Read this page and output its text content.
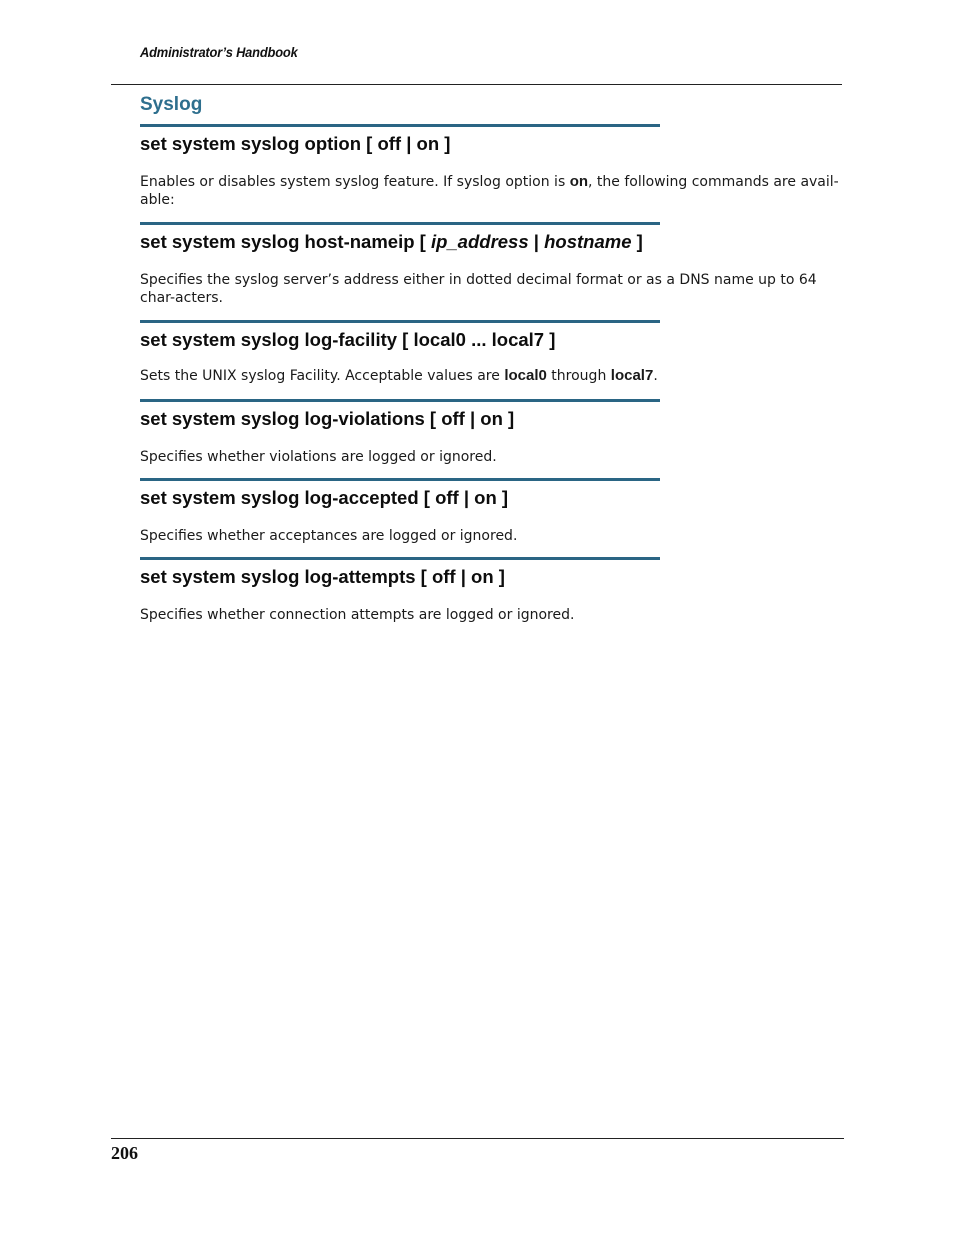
Administrator’s Handbook
Syslog
set system syslog option [ off | on ]
Enables or disables system syslog feature. If syslog option is on, the following commands are avail-able:
set system syslog host-nameip [ ip_address | hostname ]
Specifies the syslog server’s address either in dotted decimal format or as a DNS name up to 64 char-acters.
set system syslog log-facility [ local0 ... local7 ]
Sets the UNIX syslog Facility. Acceptable values are local0 through local7.
set system syslog log-violations [ off | on ]
Specifies whether violations are logged or ignored.
set system syslog log-accepted [ off | on ]
Specifies whether acceptances are logged or ignored.
set system syslog log-attempts [ off | on ]
Specifies whether connection attempts are logged or ignored.
206
